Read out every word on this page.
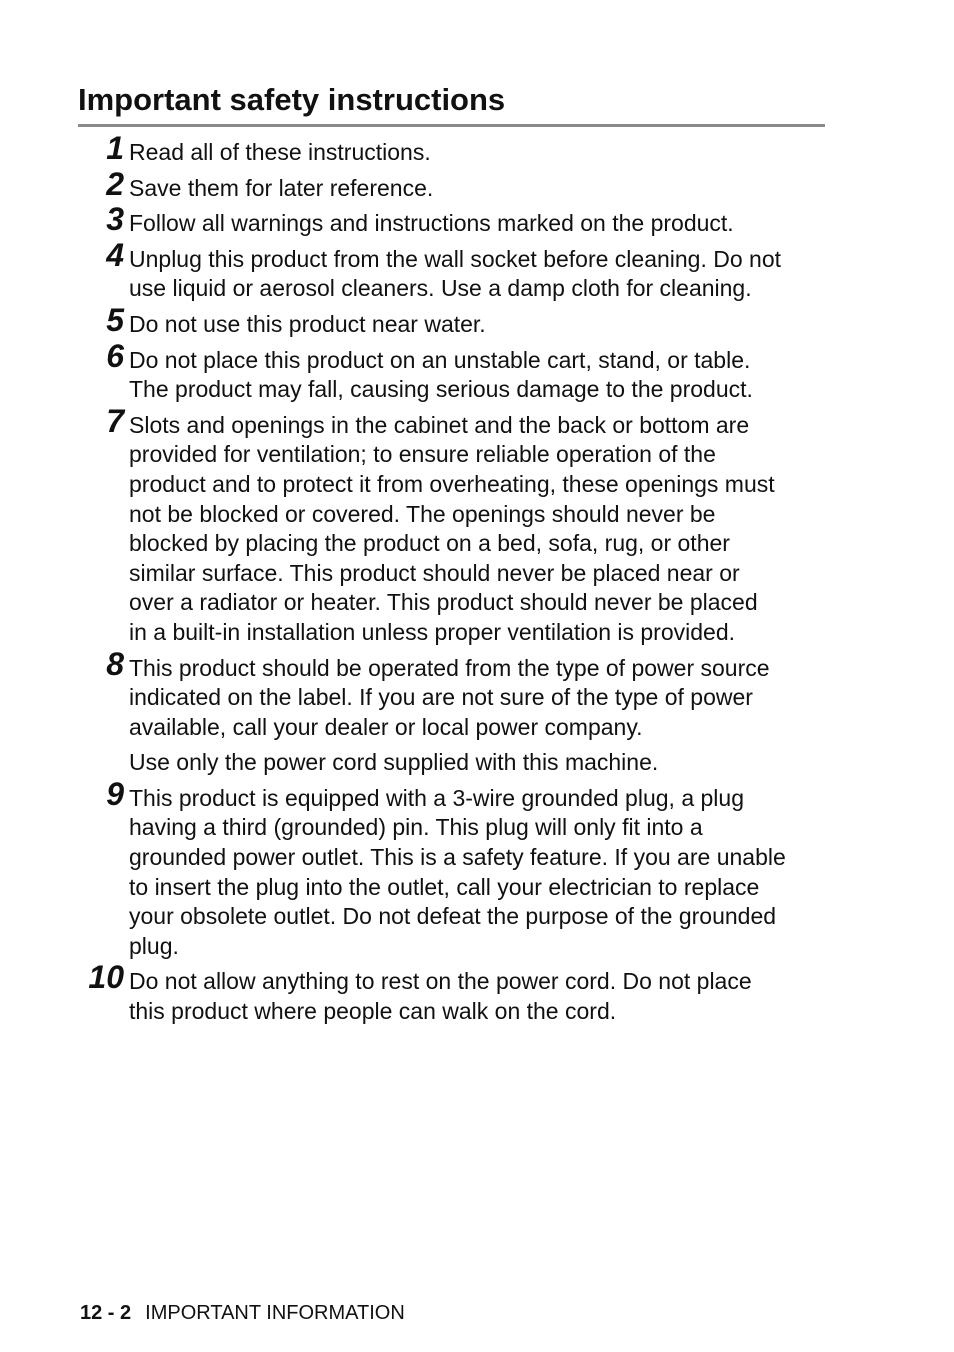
Important safety instructions
1 Read all of these instructions.

2 Save them for later reference.

3 Follow all warnings and instructions marked on the product.

4 Unplug this product from the wall socket before cleaning. Do not
use liquid or aerosol cleaners. Use a damp cloth for cleaning.

5 Do not use this product near water.

6 Do not place this product on an unstable cart, stand, or table.
The product may fall, causing serious damage to the product.

7 Slots and openings in the cabinet and the back or bottom are
provided for ventilation; to ensure reliable operation of the
product and to protect it from overheating, these openings must
not be blocked or covered. The openings should never be
blocked by placing the product on a bed, sofa, rug, or other
similar surface. This product should never be placed near or
over a radiator or heater. This product should never be placed
in a built-in installation unless proper ventilation is provided.

8 This product should be operated from the type of power source
indicated on the label. If you are not sure of the type of power
available, call your dealer or local power company.

Use only the power cord supplied with this machine.

9 This product is equipped with a 3-wire grounded plug, a plug
having a third (grounded) pin. This plug will only fit into a
grounded power outlet. This is a safety feature. If you are unable
to insert the plug into the outlet, call your electrician to replace
your obsolete outlet. Do not defeat the purpose of the grounded
plug.

10 Do not allow anything to rest on the power cord. Do not place
this product where people can walk on the cord.

12 - 2 IMPORTANT INFORMATION
